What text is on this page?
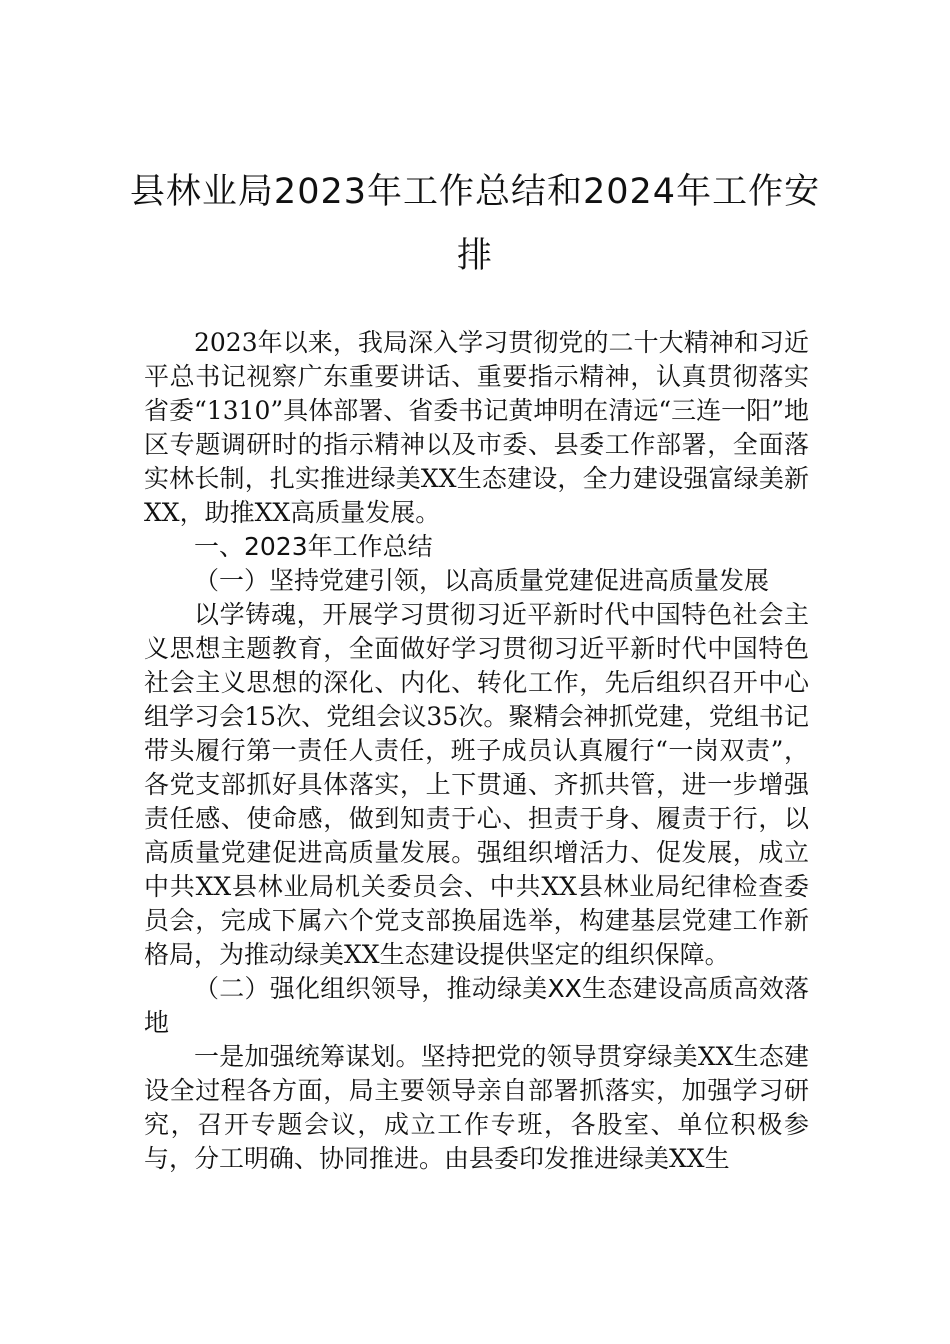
县林业局2023年工作总结和2024年工作安排

2023年以来，我局深入学习贯彻党的二十大精神和习近平总书记视察广东重要讲话、重要指示精神，认真贯彻落实省委“1310”具体部署、省委书记黄坤明在清远“三连一阳”地区专题调研时的指示精神以及市委、县委工作部署，全面落实林长制，扎实推进绿美XX生态建设，全力建设强富绿美新XX，助推XX高质量发展。

一、2023年工作总结

（一）坚持党建引领，以高质量党建促进高质量发展

以学铸魂，开展学习贯彻习近平新时代中国特色社会主义思想主题教育，全面做好学习贯彻习近平新时代中国特色社会主义思想的深化、内化、转化工作，先后组织召开中心组学习会15次、党组会议35次。聚精会神抓党建，党组书记带头履行第一责任人责任，班子成员认真履行“一岗双责”，各党支部抓好具体落实，上下贯通、齐抓共管，进一步增强责任感、使命感，做到知责于心、担责于身、履责于行，以高质量党建促进高质量发展。强组织增活力、促发展，成立中共XX县林业局机关委员会、中共XX县林业局纪律检查委员会，完成下属六个党支部换届选举，构建基层党建工作新格局，为推动绿美XX生态建设提供坚定的组织保障。

（二）强化组织领导，推动绿美XX生态建设高质高效落地

一是加强统筹谋划。坚持把党的领导贯穿绿美XX生态建设全过程各方面，局主要领导亲自部署抓落实，加强学习研究，召开专题会议，成立工作专班，各股室、单位积极参与，分工明确、协同推进。由县委印发推进绿美XX生
